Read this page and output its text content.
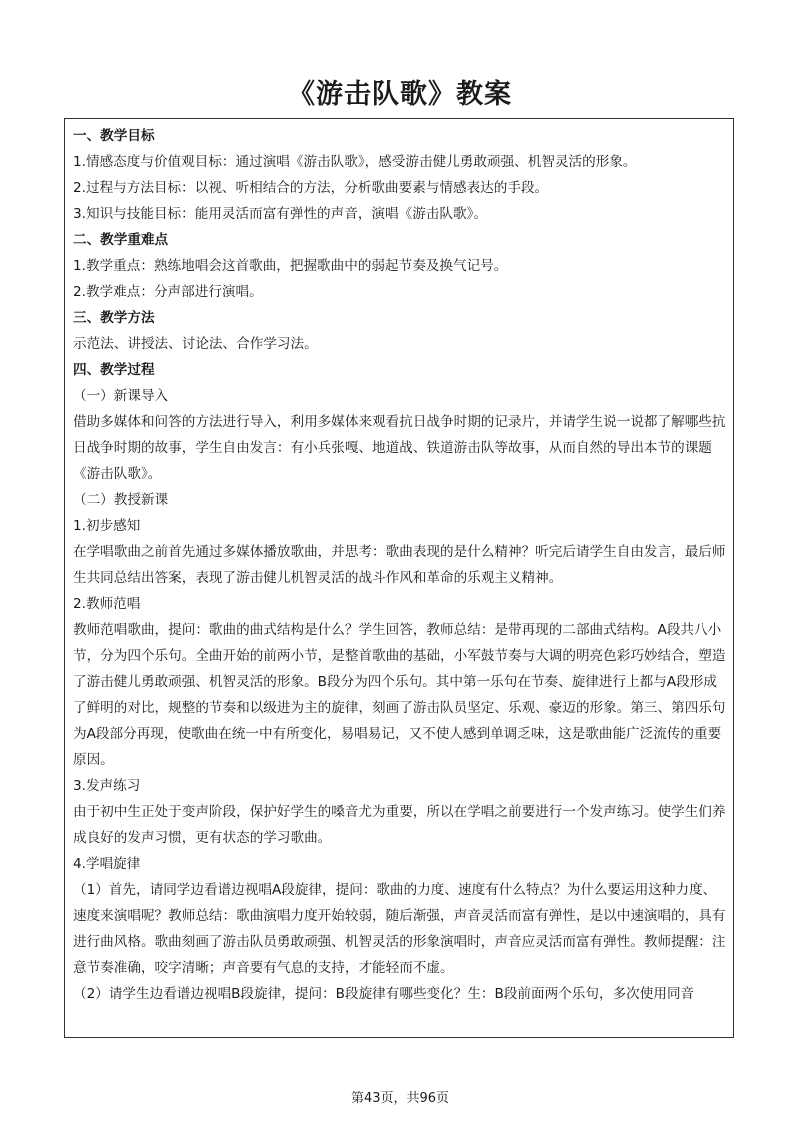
《游击队歌》教案

一、教学目标

1.情感态度与价值观目标：通过演唱《游击队歌》，感受游击健儿勇敢顽强、机智灵活的形象。

2.过程与方法目标：以视、听相结合的方法，分析歌曲要素与情感表达的手段。

3.知识与技能目标：能用灵活而富有弹性的声音，演唱《游击队歌》。

二、教学重难点

1.教学重点：熟练地唱会这首歌曲，把握歌曲中的弱起节奏及换气记号。

2.教学难点：分声部进行演唱。

三、教学方法

示范法、讲授法、讨论法、合作学习法。

四、教学过程

（一）新课导入

借助多媒体和问答的方法进行导入，利用多媒体来观看抗日战争时期的记录片，并请学生说一说都了解哪些抗日战争时期的故事，学生自由发言：有小兵张嘎、地道战、铁道游击队等故事，从而自然的导出本节的课题《游击队歌》。

（二）教授新课

1.初步感知

在学唱歌曲之前首先通过多媒体播放歌曲，并思考：歌曲表现的是什么精神？听完后请学生自由发言，最后师生共同总结出答案，表现了游击健儿机智灵活的战斗作风和革命的乐观主义精神。

2.教师范唱

教师范唱歌曲，提问：歌曲的曲式结构是什么？学生回答，教师总结：是带再现的二部曲式结构。A段共八小节，分为四个乐句。全曲开始的前两小节，是整首歌曲的基础，小军鼓节奏与大调的明亮色彩巧妙结合，塑造了游击健儿勇敢顽强、机智灵活的形象。B段分为四个乐句。其中第一乐句在节奏、旋律进行上都与A段形成了鲜明的对比，规整的节奏和以级进为主的旋律，刻画了游击队员坚定、乐观、豪迈的形象。第三、第四乐句为A段部分再现，使歌曲在统一中有所变化，易唱易记，又不使人感到单调乏味，这是歌曲能广泛流传的重要原因。

3.发声练习

由于初中生正处于变声阶段，保护好学生的嗓音尤为重要，所以在学唱之前要进行一个发声练习。使学生们养成良好的发声习惯，更有状态的学习歌曲。

4.学唱旋律

（1）首先，请同学边看谱边视唱A段旋律，提问：歌曲的力度、速度有什么特点？为什么要运用这种力度、速度来演唱呢？教师总结：歌曲演唱力度开始较弱，随后渐强，声音灵活而富有弹性，是以中速演唱的，具有进行曲风格。歌曲刻画了游击队员勇敢顽强、机智灵活的形象演唱时，声音应灵活而富有弹性。教师提醒：注意节奏准确，咬字清晰；声音要有气息的支持，才能轻而不虚。

（2）请学生边看谱边视唱B段旋律，提问：B段旋律有哪些变化？生：B段前面两个乐句，多次使用同音

第43页，共96页
